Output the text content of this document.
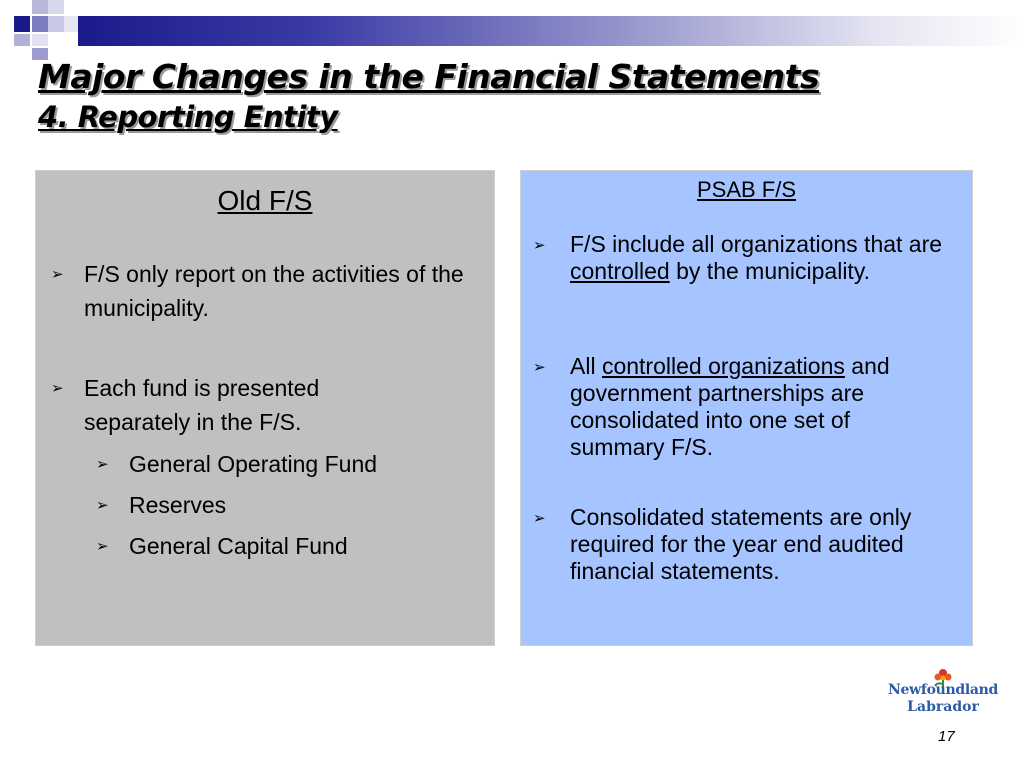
Major Changes in the Financial Statements
4. Reporting Entity
Old F/S
➢ F/S only report on the activities of the municipality.
➢ Each fund is presented separately in the F/S.
➢ General Operating Fund
➢ Reserves
➢ General Capital Fund
PSAB F/S
➢ F/S include all organizations that are controlled by the municipality.
➢ All controlled organizations and government partnerships are consolidated into one set of summary F/S.
➢ Consolidated statements are only required for the year end audited financial statements.
Newfoundland
Labrador
17
